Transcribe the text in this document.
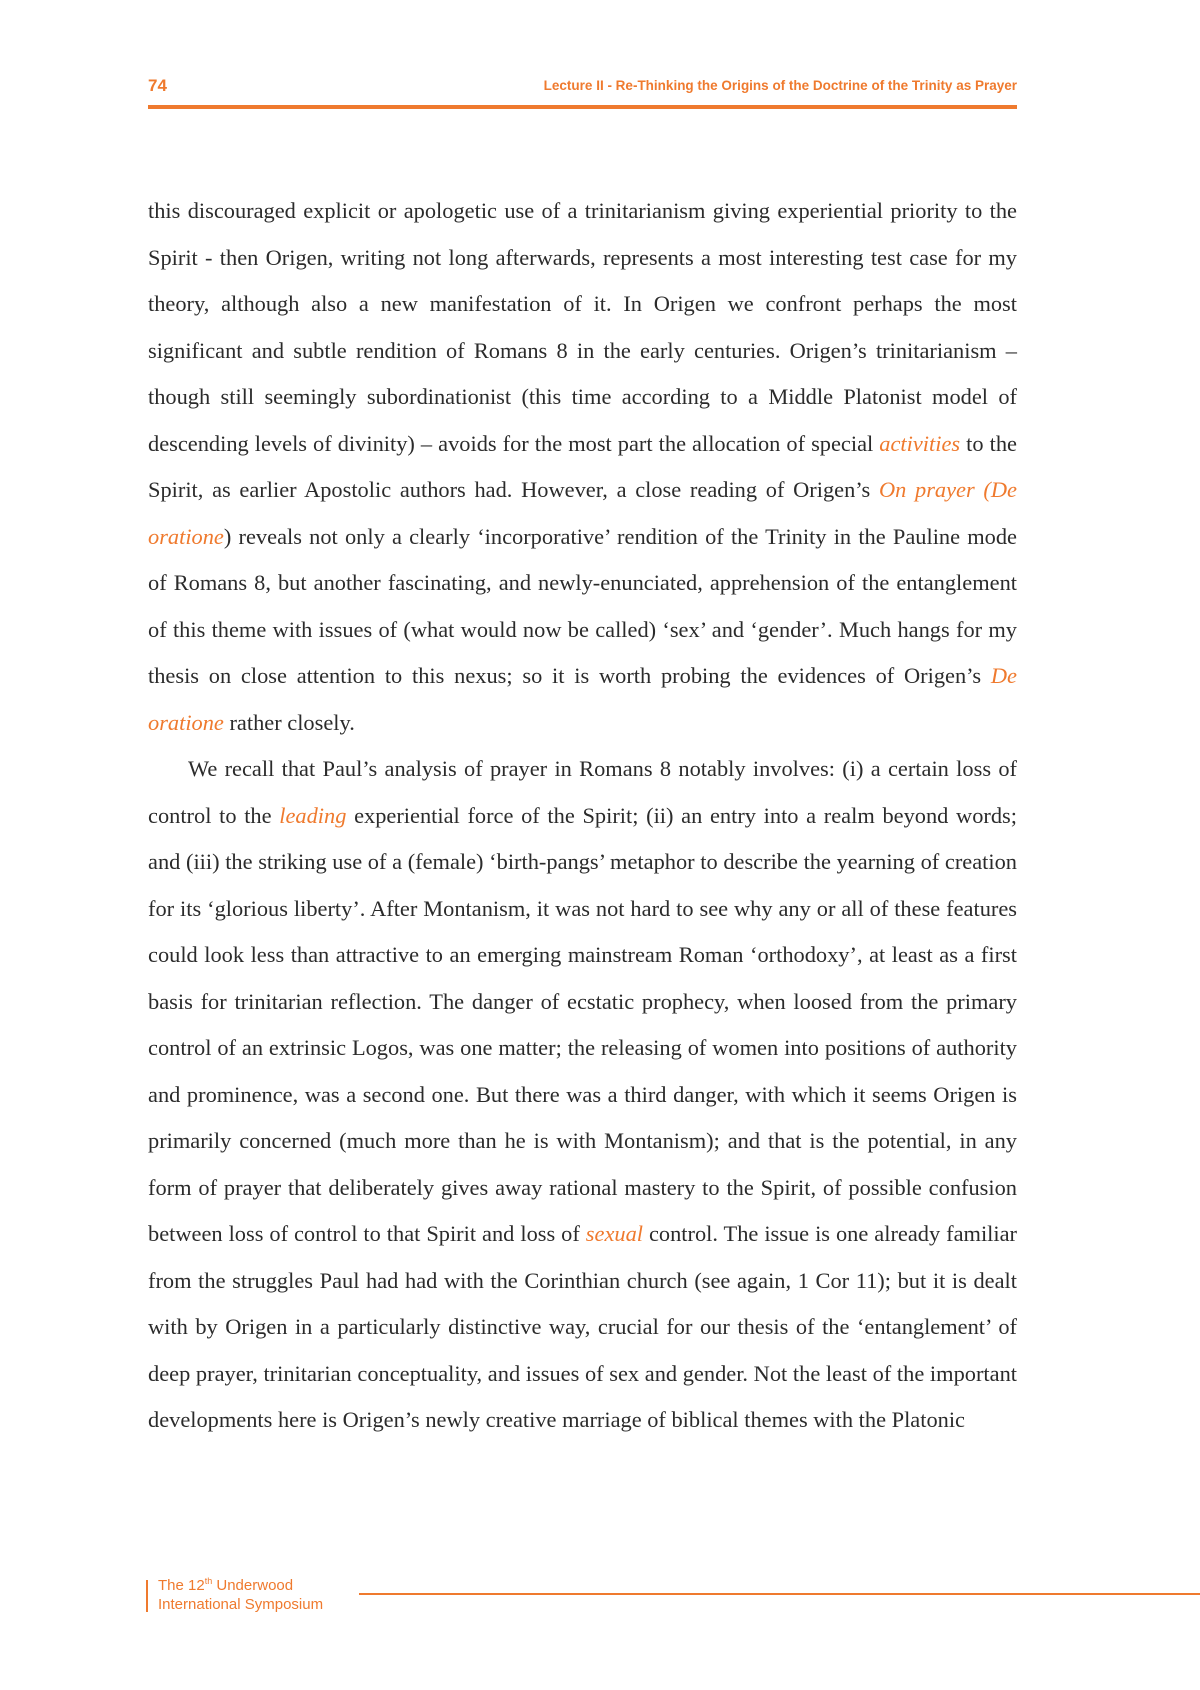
74	Lecture II - Re-Thinking the Origins of the Doctrine of the Trinity as Prayer

this discouraged explicit or apologetic use of a trinitarianism giving experiential priority to the Spirit - then Origen, writing not long afterwards, represents a most interesting test case for my theory, although also a new manifestation of it. In Origen we confront perhaps the most significant and subtle rendition of Romans 8 in the early centuries. Origen’s trinitarianism – though still seemingly subordinationist (this time according to a Middle Platonist model of descending levels of divinity) – avoids for the most part the allocation of special activities to the Spirit, as earlier Apostolic authors had. However, a close reading of Origen’s On prayer (De oratione) reveals not only a clearly ‘incorporative’ rendition of the Trinity in the Pauline mode of Romans 8, but another fascinating, and newly-enunciated, apprehension of the entanglement of this theme with issues of (what would now be called) ‘sex’ and ‘gender’. Much hangs for my thesis on close attention to this nexus; so it is worth probing the evidences of Origen’s De oratione rather closely.

We recall that Paul’s analysis of prayer in Romans 8 notably involves: (i) a certain loss of control to the leading experiential force of the Spirit; (ii) an entry into a realm beyond words; and (iii) the striking use of a (female) ‘birth-pangs’ metaphor to describe the yearning of creation for its ‘glorious liberty’. After Montanism, it was not hard to see why any or all of these features could look less than attractive to an emerging mainstream Roman ‘orthodoxy’, at least as a first basis for trinitarian reflection. The danger of ecstatic prophecy, when loosed from the primary control of an extrinsic Logos, was one matter; the releasing of women into positions of authority and prominence, was a second one. But there was a third danger, with which it seems Origen is primarily concerned (much more than he is with Montanism); and that is the potential, in any form of prayer that deliberately gives away rational mastery to the Spirit, of possible confusion between loss of control to that Spirit and loss of sexual control. The issue is one already familiar from the struggles Paul had had with the Corinthian church (see again, 1 Cor 11); but it is dealt with by Origen in a particularly distinctive way, crucial for our thesis of the ‘entanglement’ of deep prayer, trinitarian conceptuality, and issues of sex and gender. Not the least of the important developments here is Origen’s newly creative marriage of biblical themes with the Platonic

The 12th Underwood
International Symposium
